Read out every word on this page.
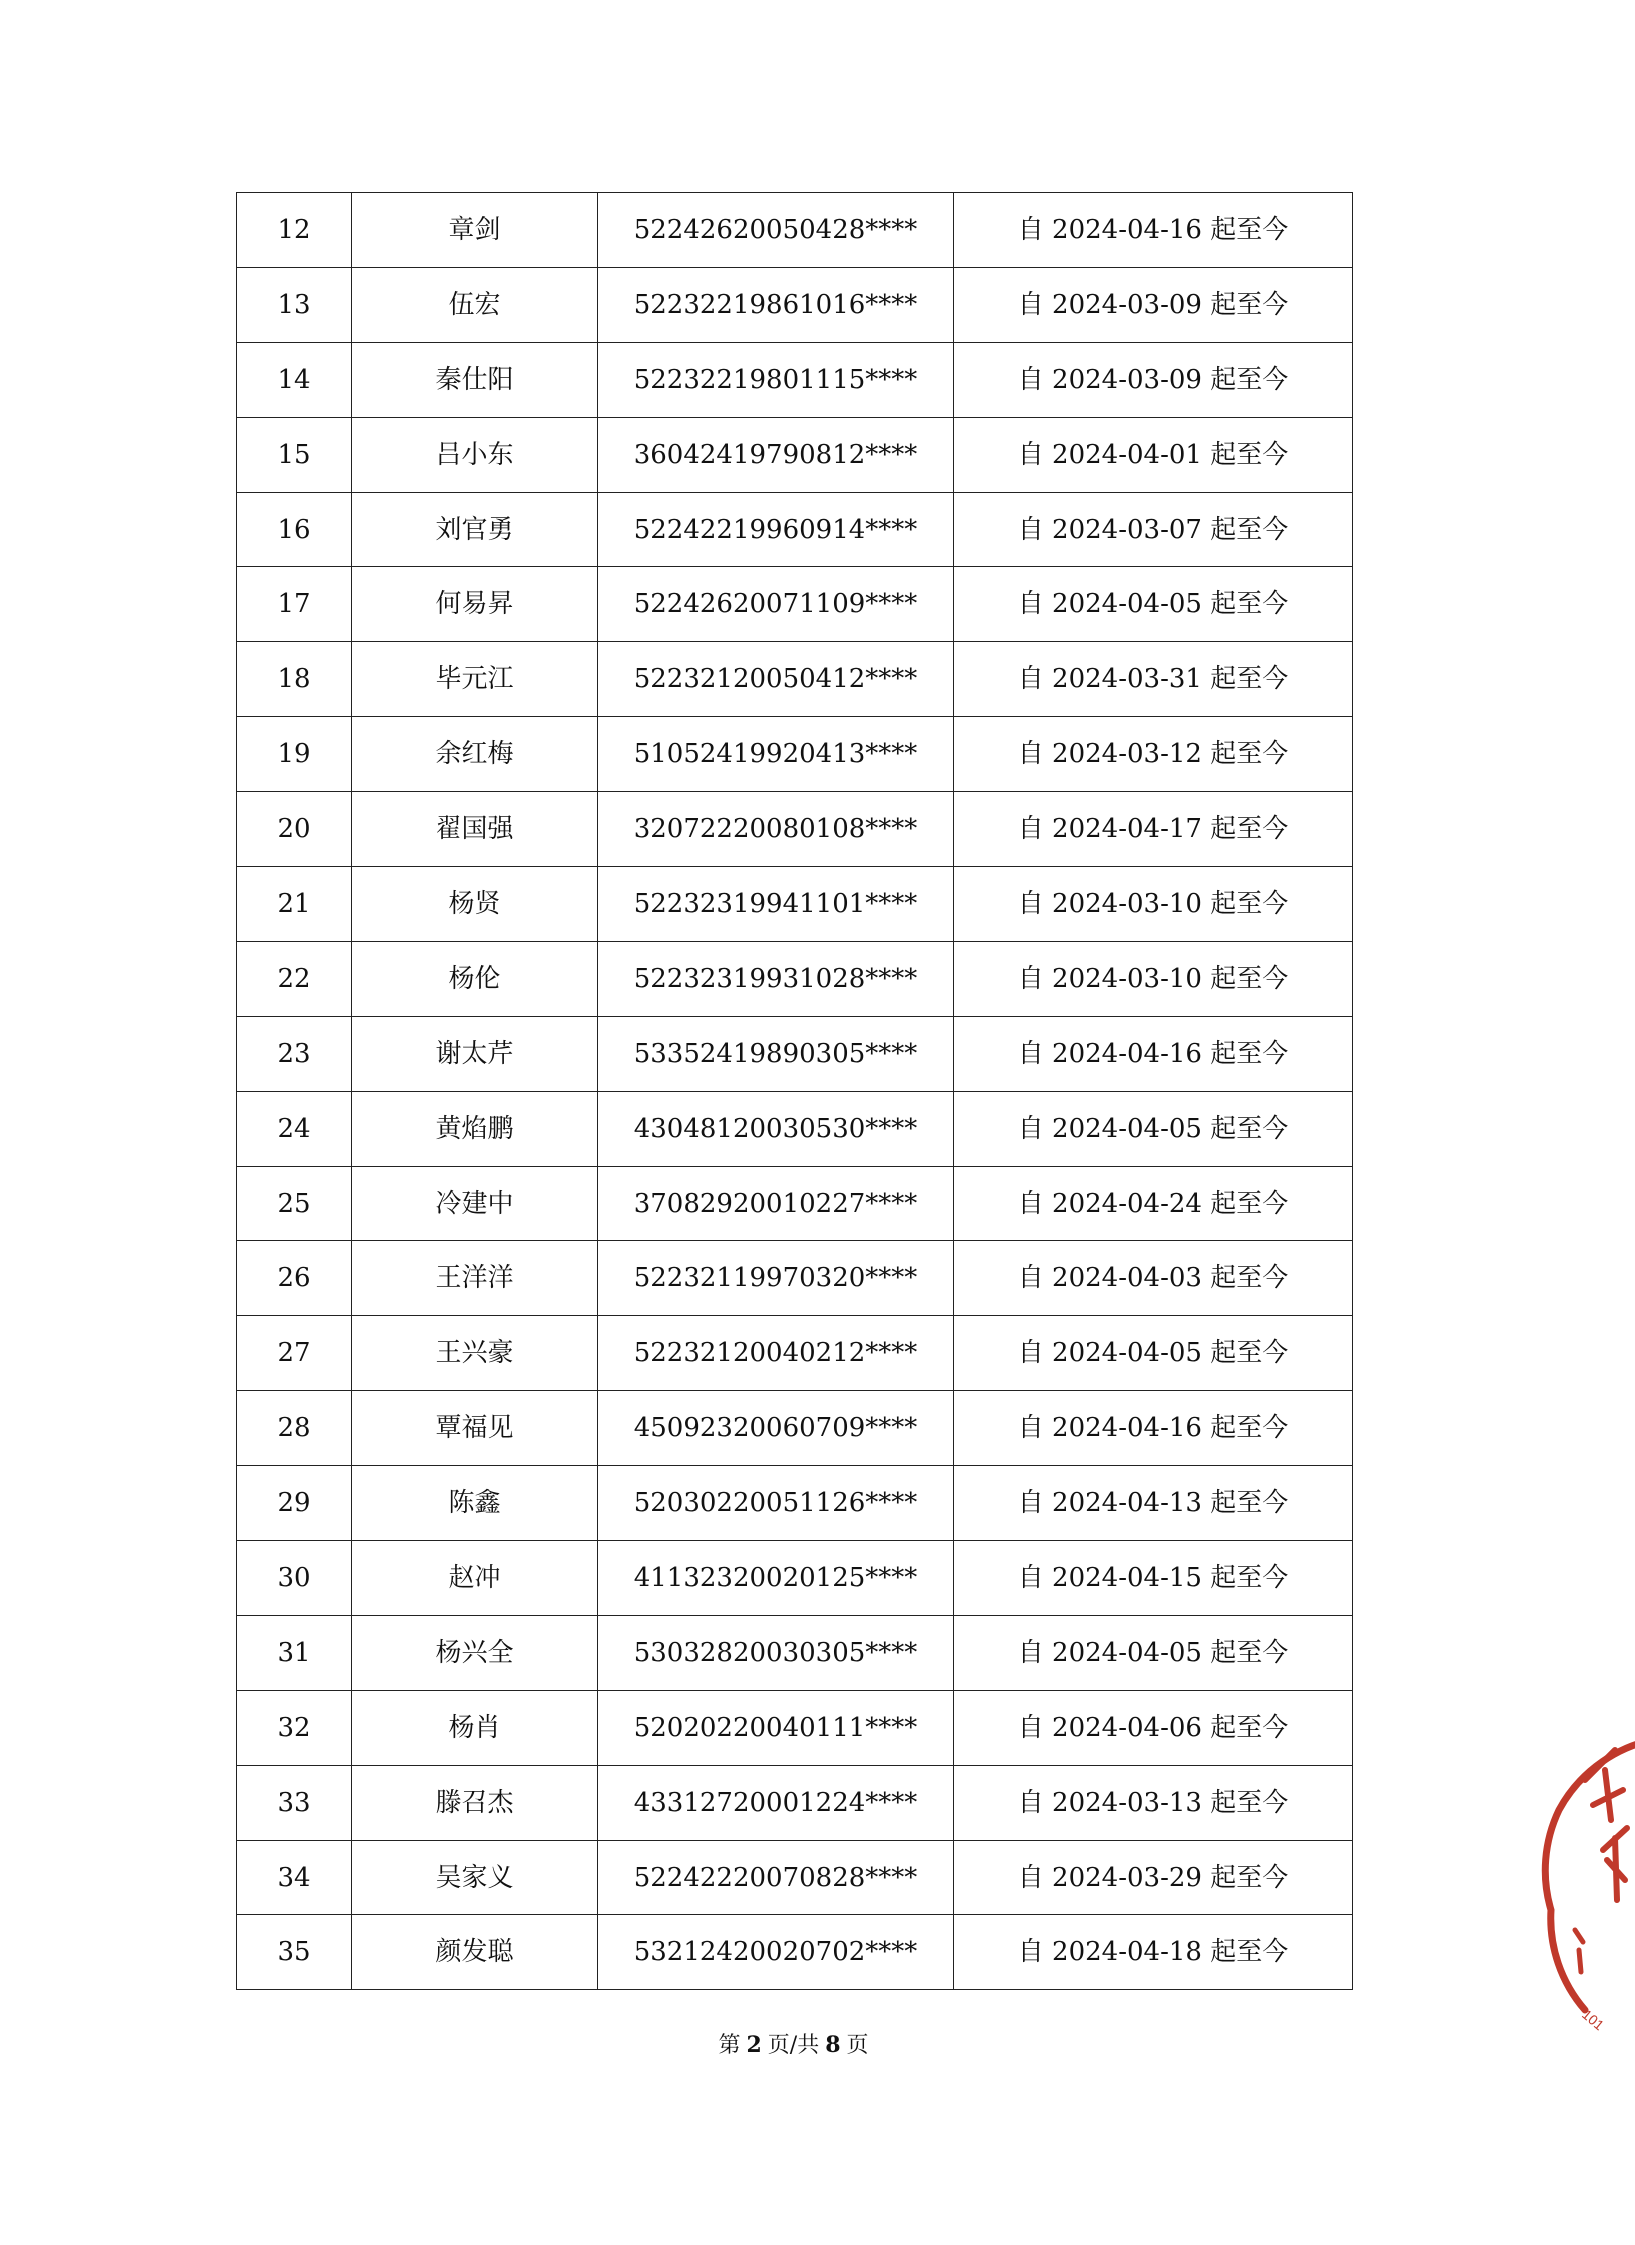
12	章剑	52242620050428****	自 2024-04-16 起至今
13	伍宏	52232219861016****	自 2024-03-09 起至今
14	秦仕阳	52232219801115****	自 2024-03-09 起至今
15	吕小东	36042419790812****	自 2024-04-01 起至今
16	刘官勇	52242219960914****	自 2024-03-07 起至今
17	何易昇	52242620071109****	自 2024-04-05 起至今
18	毕元江	52232120050412****	自 2024-03-31 起至今
19	余红梅	51052419920413****	自 2024-03-12 起至今
20	翟国强	32072220080108****	自 2024-04-17 起至今
21	杨贤	52232319941101****	自 2024-03-10 起至今
22	杨伦	52232319931028****	自 2024-03-10 起至今
23	谢太芹	53352419890305****	自 2024-04-16 起至今
24	黄焰鹏	43048120030530****	自 2024-04-05 起至今
25	冷建中	37082920010227****	自 2024-04-24 起至今
26	王洋洋	52232119970320****	自 2024-04-03 起至今
27	王兴豪	52232120040212****	自 2024-04-05 起至今
28	覃福见	45092320060709****	自 2024-04-16 起至今
29	陈鑫	52030220051126****	自 2024-04-13 起至今
30	赵冲	41132320020125****	自 2024-04-15 起至今
31	杨兴全	53032820030305****	自 2024-04-05 起至今
32	杨肖	52020220040111****	自 2024-04-06 起至今
33	滕召杰	43312720001224****	自 2024-03-13 起至今
34	吴家义	52242220070828****	自 2024-03-29 起至今
35	颜发聪	53212420020702****	自 2024-04-18 起至今
第 2 页/共 8 页
101
